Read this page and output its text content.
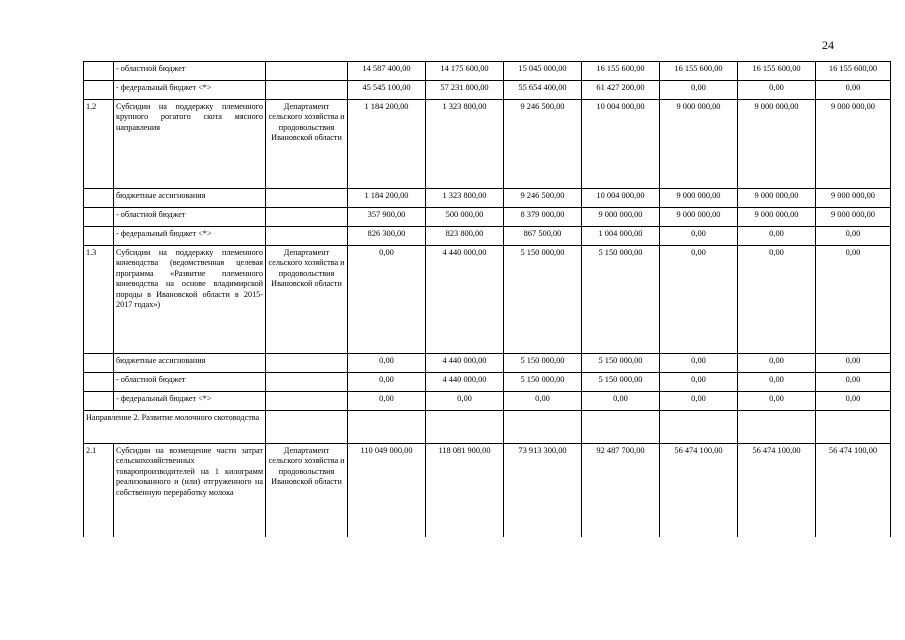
24
	- областной бюджет		14 587 400,00	14 175 600,00	15 045 000,00	16 155 600,00	16 155 600,00	16 155 600,00	16 155 600,00
	- федеральный бюджет <*>		45 545 100,00	57 231 800,00	55 654 400,00	61 427 200,00	0,00	0,00	0,00
1.2	Субсидии на поддержку племенного крупного рогатого скота мясного направления	Департамент сельского хозяйства и продовольствия Ивановской области	1 184 200,00	1 323 800,00	9 246 500,00	10 004 000,00	9 000 000,00	9 000 000,00	9 000 000,00
	бюджетные ассигнования		1 184 200,00	1 323 800,00	9 246 500,00	10 004 000,00	9 000 000,00	9 000 000,00	9 000 000,00
	- областной бюджет		357 900,00	500 000,00	8 379 000,00	9 000 000,00	9 000 000,00	9 000 000,00	9 000 000,00
	- федеральный бюджет <*>		826 300,00	823 800,00	867 500,00	1 004 000,00	0,00	0,00	0,00
1.3	Субсидии на поддержку племенного коневодства (ведомственная целевая программа «Развитие племенного коневодства на основе владимирской породы в Ивановской области в 2015-2017 годах»)	Департамент сельского хозяйства и продовольствия Ивановской области	0,00	4 440 000,00	5 150 000,00	5 150 000,00	0,00	0,00	0,00
	бюджетные ассигнования		0,00	4 440 000,00	5 150 000,00	5 150 000,00	0,00	0,00	0,00
	- областной бюджет		0,00	4 440 000,00	5 150 000,00	5 150 000,00	0,00	0,00	0,00
	- федеральный бюджет <*>		0,00	0,00	0,00	0,00	0,00	0,00	0,00
Направление 2. Развитие молочного скотоводства									
2.1	Субсидии на возмещение части затрат сельскохозяйственных товаропроизводителей на 1 килограмм реализованного и (или) отгруженного на собственную переработку молока	Департамент сельского хозяйства и продовольствия Ивановской области	110 049 000,00	118 081 900,00	73 913 300,00	92 487 700,00	56 474 100,00	56 474 100,00	56 474 100,00
